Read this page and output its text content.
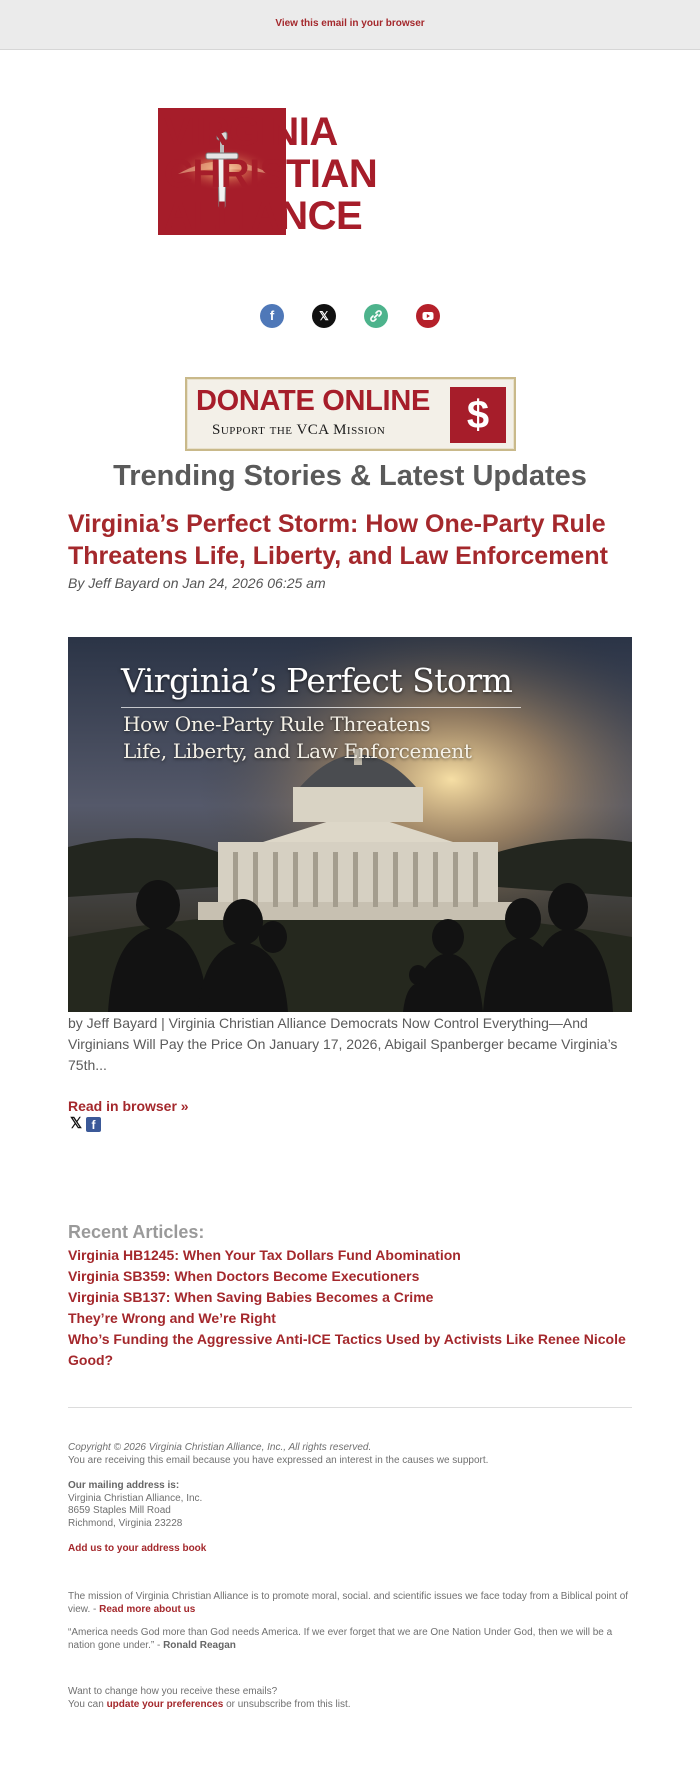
View this email in your browser
VIRGINIA
CHRISTIAN
ALLIANCE
f
	𝕏

DONATE ONLINE
Support the VCA Mission	$
Trending Stories & Latest Updates
Virginia’s Perfect Storm: How One-Party Rule Threatens Life, Liberty, and Law Enforcement
By Jeff Bayard on Jan 24, 2026 06:25 am
Virginia’s Perfect Storm
How One-Party Rule Threatens
Life, Liberty, and Law Enforcement
by Jeff Bayard | Virginia Christian Alliance Democrats Now Control Everything—And Virginians Will Pay the Price On January 17, 2026, Abigail Spanberger became Virginia’s 75th...
Read in browser »
𝕏 f
Recent Articles:
Virginia HB1245: When Your Tax Dollars Fund Abomination
Virginia SB359: When Doctors Become Executioners
Virginia SB137: When Saving Babies Becomes a Crime
They’re Wrong and We’re Right
Who’s Funding the Aggressive Anti-ICE Tactics Used by Activists Like Renee Nicole Good?
Copyright © 2026 Virginia Christian Alliance, Inc., All rights reserved.
You are receiving this email because you have expressed an interest in the causes we support.
Our mailing address is:
Virginia Christian Alliance, Inc.
8659 Staples Mill Road
Richmond, Virginia 23228
Add us to your address book
The mission of Virginia Christian Alliance is to promote moral, social. and scientific issues we face today from a Biblical point of view. - Read more about us
“America needs God more than God needs America. If we ever forget that we are One Nation Under God, then we will be a nation gone under.” - Ronald Reagan
Want to change how you receive these emails?
You can update your preferences or unsubscribe from this list.
